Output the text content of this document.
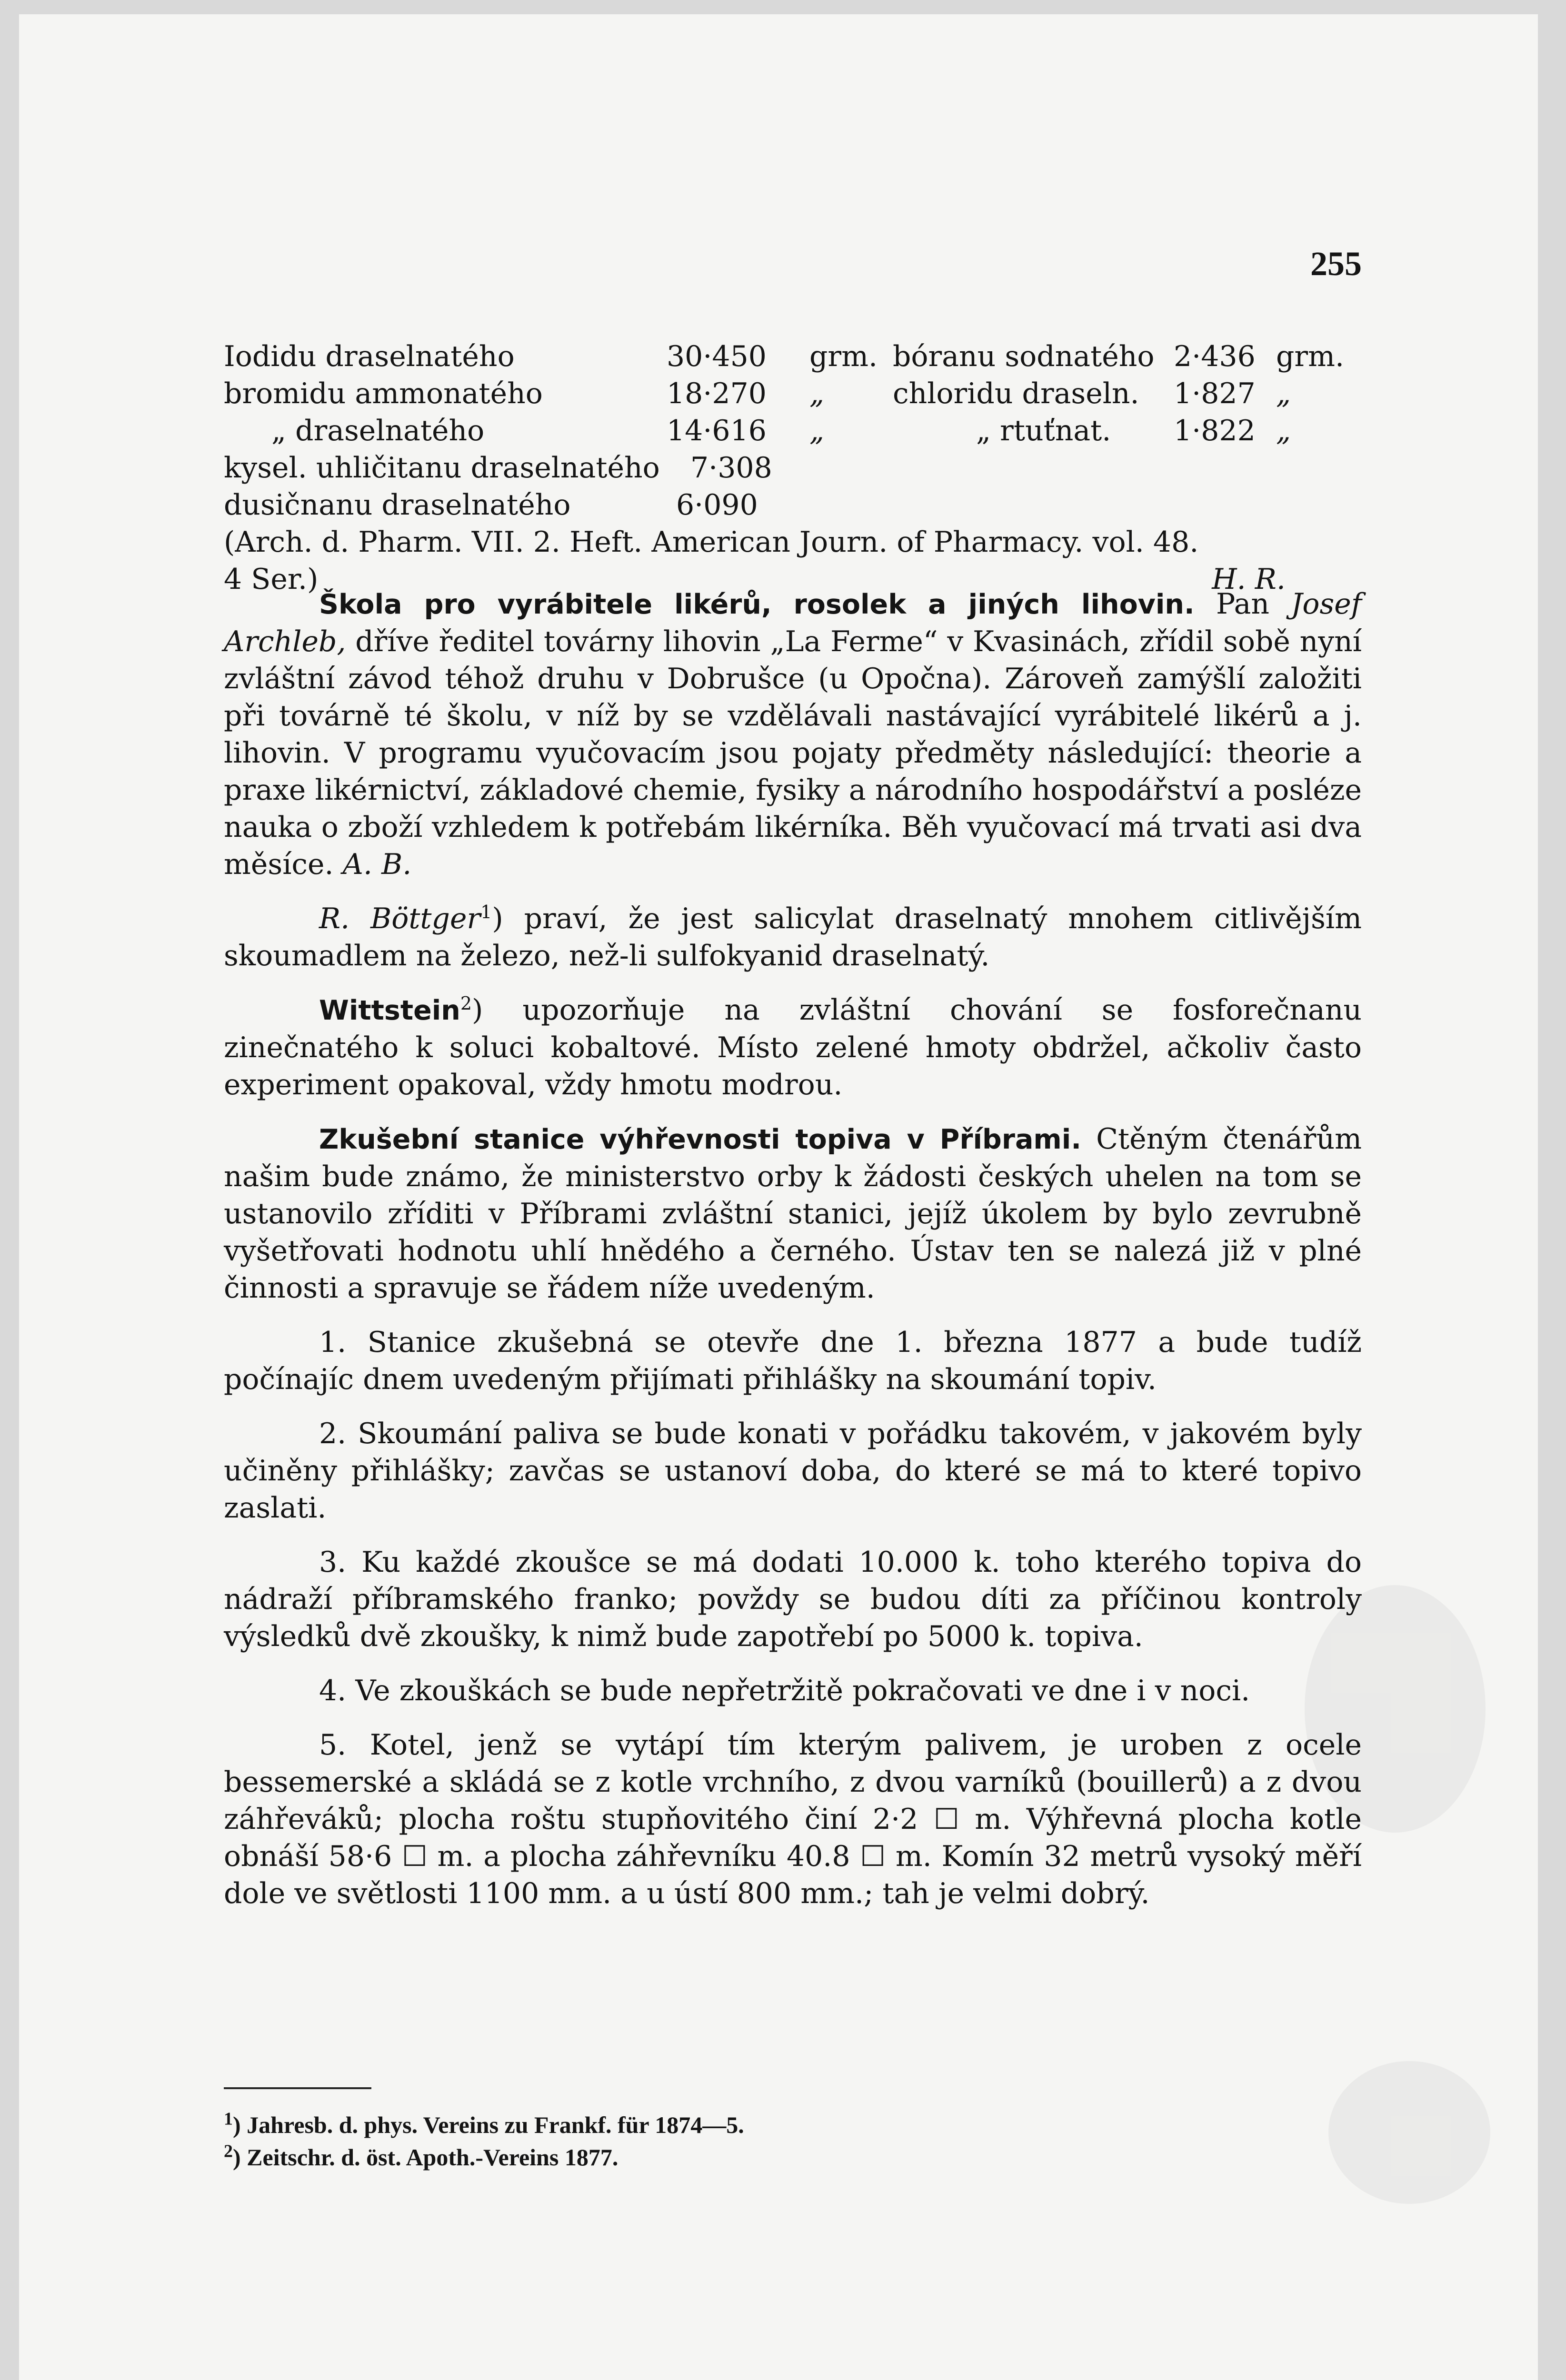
255
Iodidu draselnatého	30·450 grm. bóranu sodnatého 2·436 grm.
bromidu ammonatého	18·270 „ chloridu draseln. 1·827 „
„ draselnatého	14·616 „	„ rtuťnat. 1·822 „
kysel. uhličitanu draselnatého 7·308
dusičnanu draselnatého	6·090
(Arch. d. Pharm. VII. 2. Heft. American Journ. of Pharmacy. vol. 48.
4 Ser.)	H. R.

Škola pro vyrábitele likérů, rosolek a jiných lihovin. Pan Josef Archleb, dříve ředitel továrny lihovin „La Ferme“ v Kvasinách, zřídil sobě nyní zvláštní závod téhož druhu v Dobrušce (u Opočna). Zároveň zamýšlí založiti při továrně té školu, v níž by se vzdělávali nastávající vyrábitelé likérů a j. lihovin. V programu vyučovacím jsou pojaty předměty následující: theorie a praxe likérnictví, základové chemie, fysiky a národního hospodářství a posléze nauka o zboží vzhledem k potřebám likérníka. Běh vyučovací má trvati asi dva měsíce. A. B.

R. Böttger$^1$) praví, že jest salicylat draselnatý mnohem citlivějším skoumadlem na železo, než-li sulfokyanid draselnatý.

Wittstein$^2$) upozorňuje na zvláštní chování se fosforečnanu zinečnatého k soluci kobaltové. Místo zelené hmoty obdržel, ačkoliv často experiment opakoval, vždy hmotu modrou.

Zkušební stanice výhřevnosti topiva v Příbrami. Ctěným čtenářům našim bude známo, že ministerstvo orby k žádosti českých uhelen na tom se ustanovilo zříditi v Příbrami zvláštní stanici, jejíž úkolem by bylo zevrubně vyšetřovati hodnotu uhlí hnědého a černého. Ústav ten se nalezá již v plné činnosti a spravuje se řádem níže uvedeným.

1. Stanice zkušebná se otevře dne 1. března 1877 a bude tudíž počínajíc dnem uvedeným přijímati přihlášky na skoumání topiv.

2. Skoumání paliva se bude konati v pořádku takovém, v jakovém byly učiněny přihlášky; zavčas se ustanoví doba, do které se má to které topivo zaslati.

3. Ku každé zkoušce se má dodati 10.000 k. toho kterého topiva do nádraží příbramského franko; povždy se budou díti za příčinou kontroly výsledků dvě zkoušky, k nimž bude zapotřebí po 5000 k. topiva.

4. Ve zkouškách se bude nepřetržitě pokračovati ve dne i v noci.

5. Kotel, jenž se vytápí tím kterým palivem, je uroben z ocele bessemerské a skládá se z kotle vrchního, z dvou varníků (bouillerů) a z dvou záhřeváků; plocha roštu stupňovitého činí 2·2 ☐ m. Výhřevná plocha kotle obnáší 58·6 ☐ m. a plocha záhřevníku 40.8 ☐ m. Komín 32 metrů vysoký měří dole ve světlosti 1100 mm. a u ústí 800 mm.; tah je velmi dobrý.

$^1$) Jahresb. d. phys. Vereins zu Frankf. für 1874—5.
$^2$) Zeitschr. d. öst. Apoth.-Vereins 1877.
